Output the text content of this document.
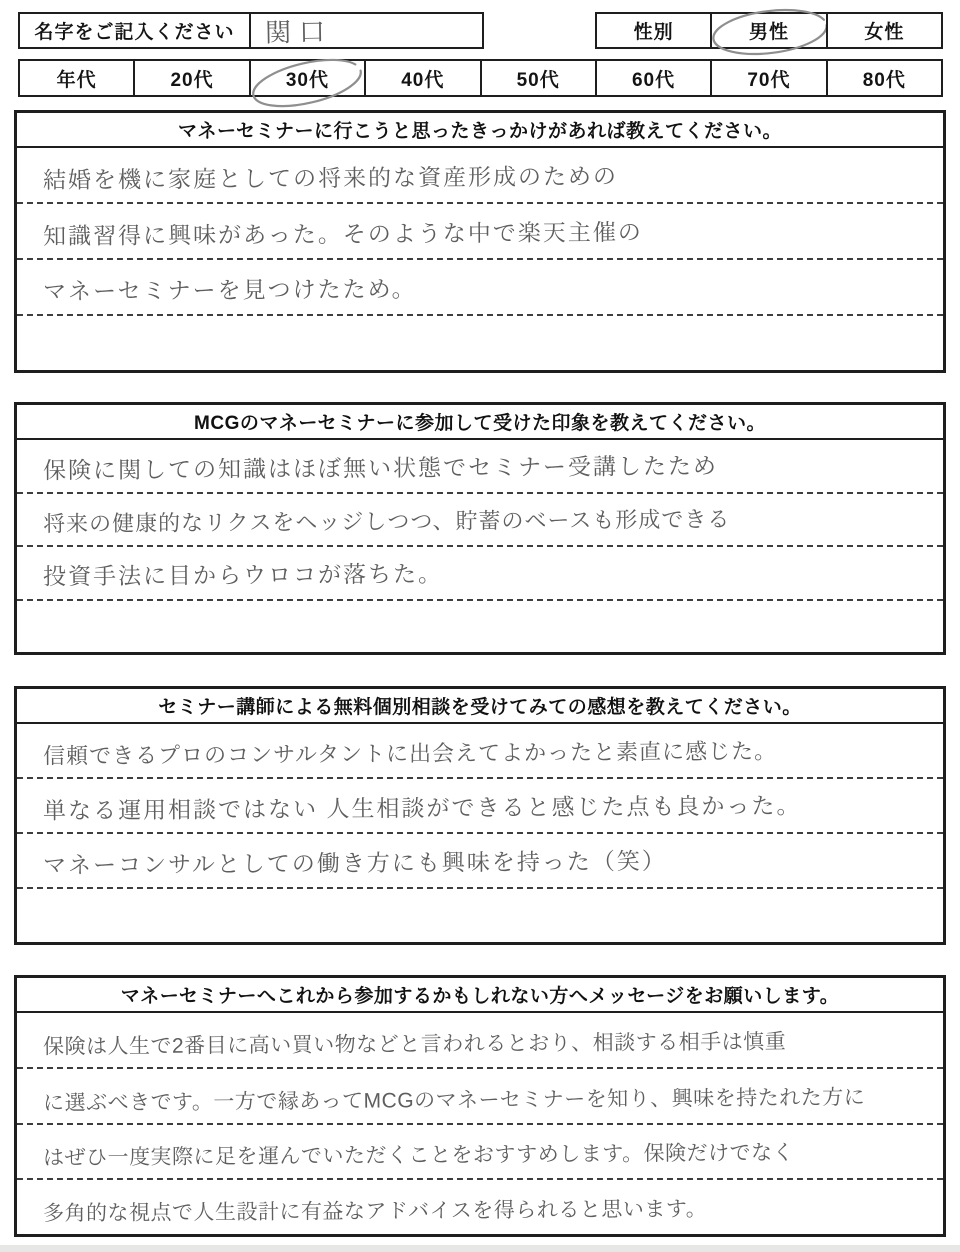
名字をご記入ください	関口	性別	男性	女性
年代	20代	30代	40代	50代	60代	70代	80代
マネーセミナーに行こうと思ったきっかけがあれば教えてください。
結婚を機に家庭としての将来的な資産形成のための
知識習得に興味があった。そのような中で楽天主催の
マネーセミナーを見つけたため。
MCGのマネーセミナーに参加して受けた印象を教えてください。
保険に関しての知識はほぼ無い状態でセミナー受講したため
将来の健康的なリクスをヘッジしつつ、貯蓄のベースも形成できる
投資手法に目からウロコが落ちた。
セミナー講師による無料個別相談を受けてみての感想を教えてください。
信頼できるプロのコンサルタントに出会えてよかったと素直に感じた。
単なる運用相談ではない 人生相談ができると感じた点も良かった。
マネーコンサルとしての働き方にも興味を持った（笑）
マネーセミナーへこれから参加するかもしれない方へメッセージをお願いします。
保険は人生で2番目に高い買い物などと言われるとおり、相談する相手は慎重
に選ぶべきです。一方で縁あってMCGのマネーセミナーを知り、興味を持たれた方に
はぜひ一度実際に足を運んでいただくことをおすすめします。保険だけでなく
多角的な視点で人生設計に有益なアドバイスを得られると思います。
